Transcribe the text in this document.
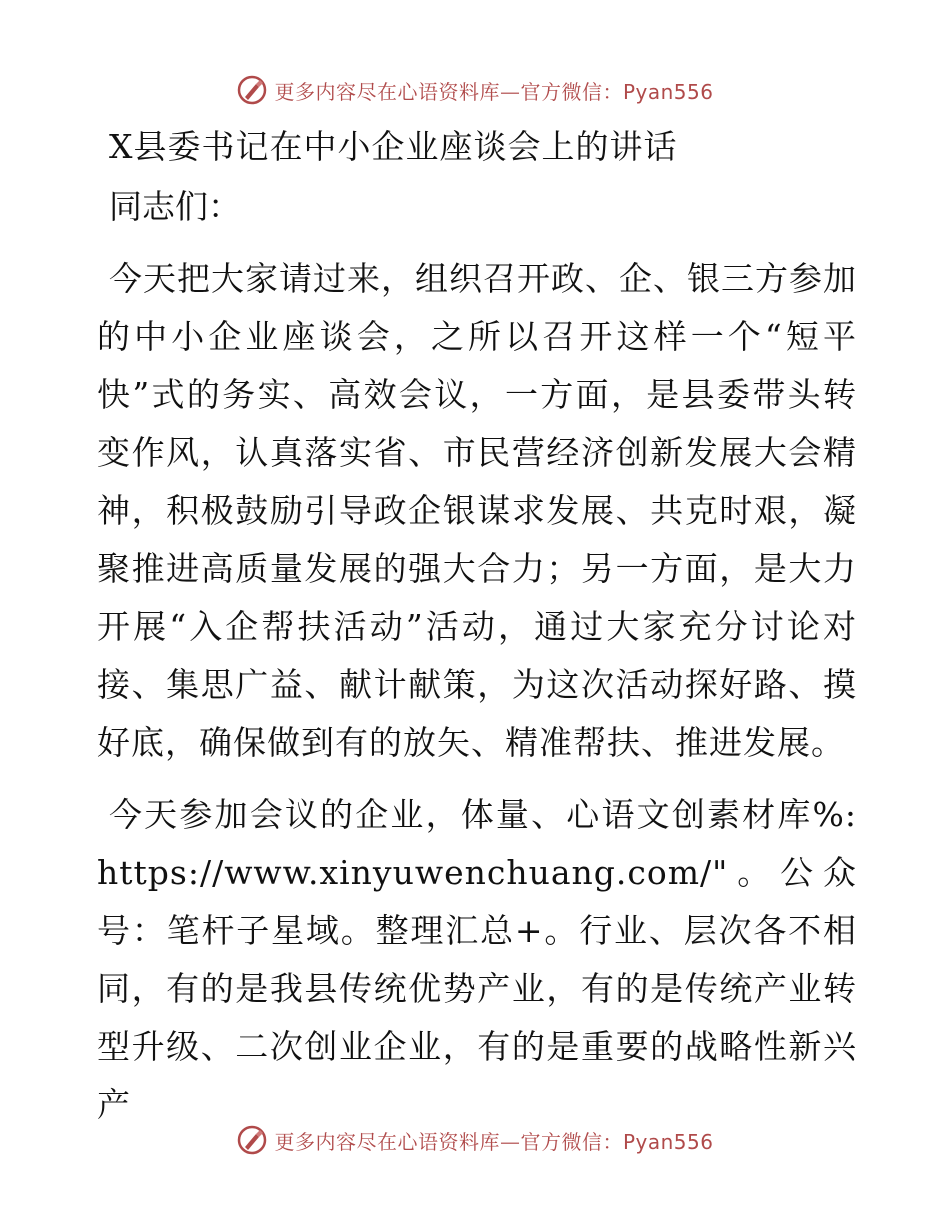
更多内容尽在心语资料库—官方微信：Pyan556
X县委书记在中小企业座谈会上的讲话
同志们：

今天把大家请过来，组织召开政、企、银三方参加的中小企业座谈会，之所以召开这样一个“短平快”式的务实、高效会议，一方面，是县委带头转变作风，认真落实省、市民营经济创新发展大会精神，积极鼓励引导政企银谋求发展、共克时艰，凝聚推进高质量发展的强大合力；另一方面，是大力开展“入企帮扶活动”活动，通过大家充分讨论对接、集思广益、献计献策，为这次活动探好路、摸好底，确保做到有的放矢、精准帮扶、推进发展。

今天参加会议的企业，体量、心语文创素材库%: https://www.xinyuwenchuang.com/"。公众号：笔杆子星域。整理汇总+。行业、层次各不相同，有的是我县传统优势产业，有的是传统产业转型升级、二次创业企业，有的是重要的战略性新兴产

更多内容尽在心语资料库—官方微信：Pyan556
